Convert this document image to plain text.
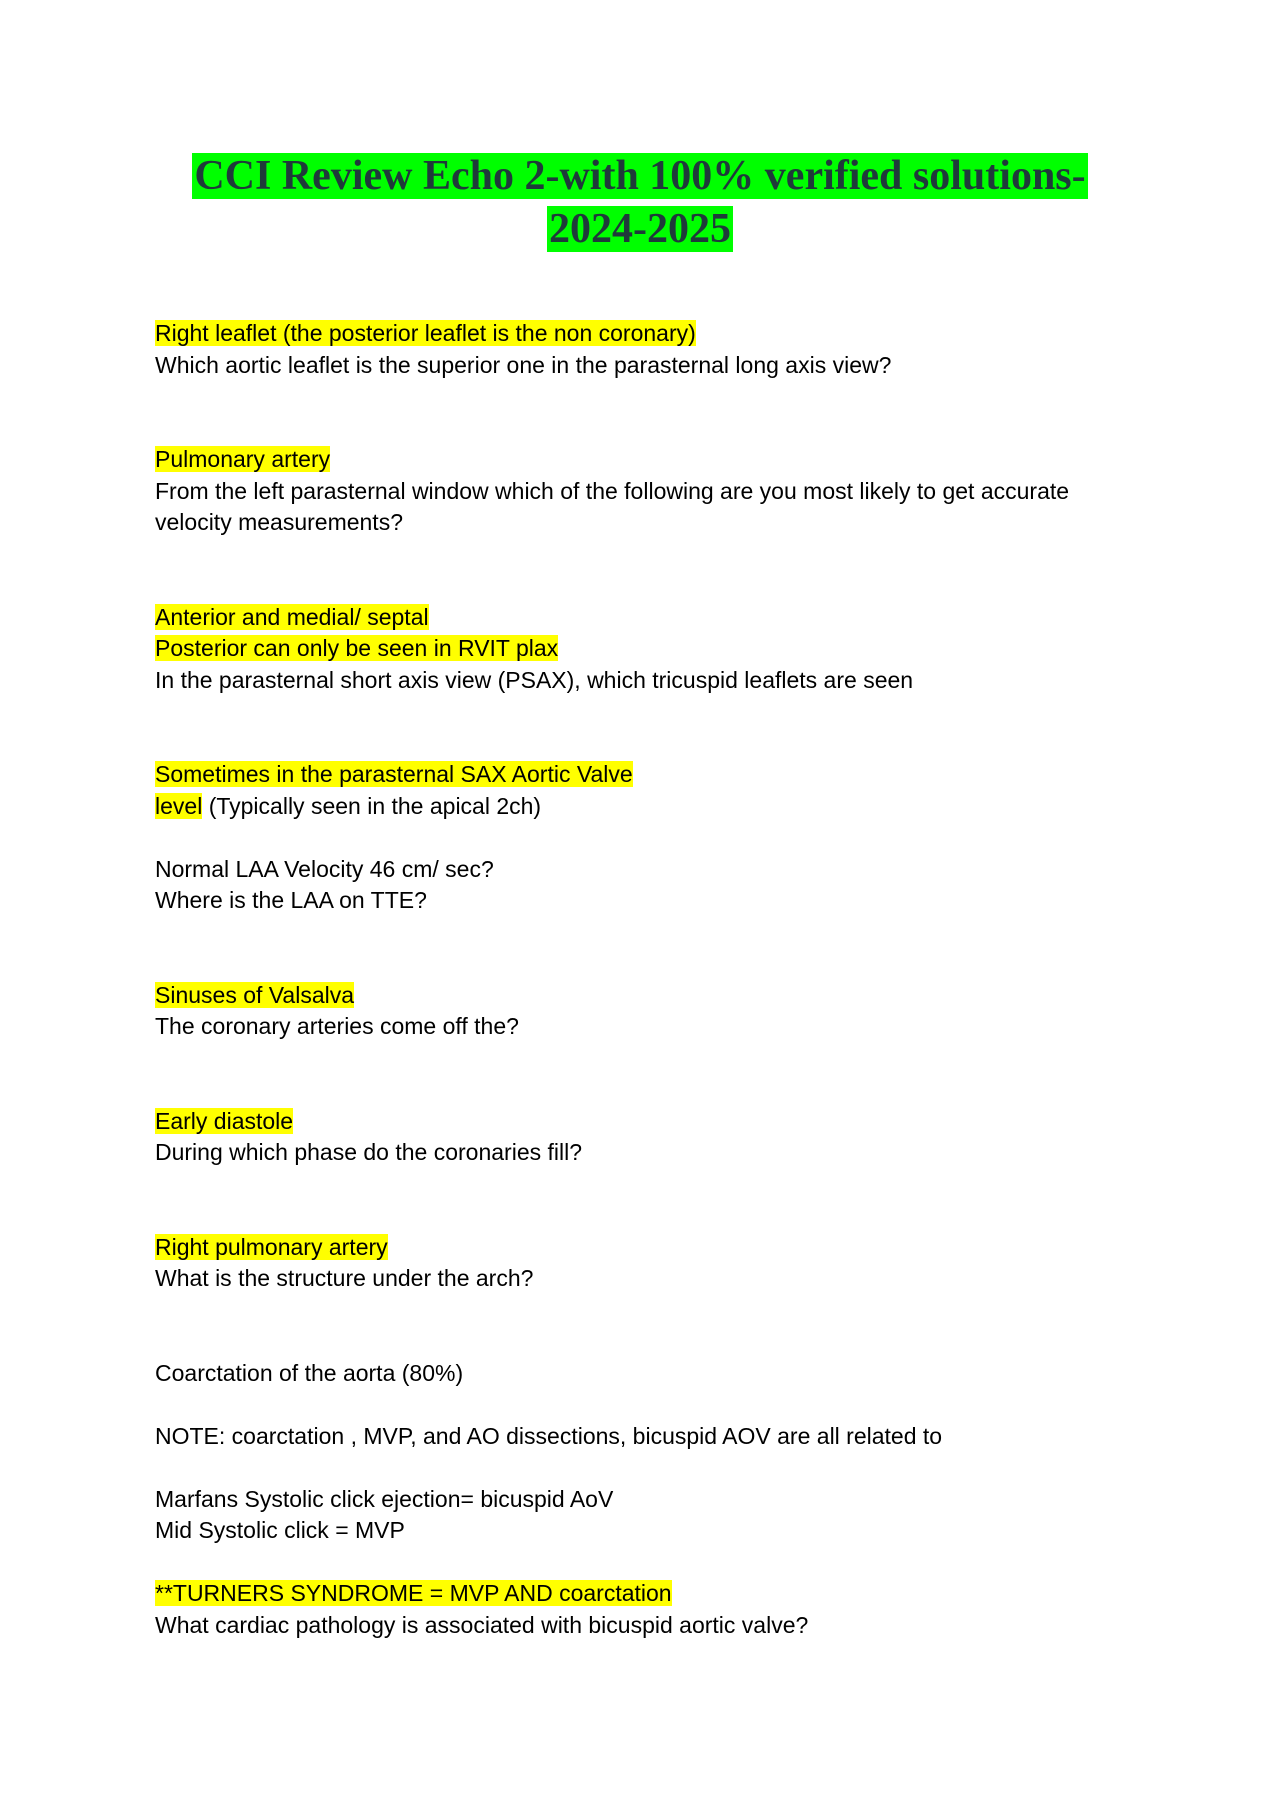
CCI Review Echo 2-with 100% verified solutions-
2024-2025
Right leaflet (the posterior leaflet is the non coronary)
Which aortic leaflet is the superior one in the parasternal long axis view?
Pulmonary artery
From the left parasternal window which of the following are you most likely to get accurate
velocity measurements?
Anterior and medial/ septal
Posterior can only be seen in RVIT plax
In the parasternal short axis view (PSAX), which tricuspid leaflets are seen
Sometimes in the parasternal SAX Aortic Valve
level (Typically seen in the apical 2ch)
Normal LAA Velocity 46 cm/ sec?
Where is the LAA on TTE?
Sinuses of Valsalva
The coronary arteries come off the?
Early diastole
During which phase do the coronaries fill?
Right pulmonary artery
What is the structure under the arch?
Coarctation of the aorta (80%)
NOTE: coarctation , MVP, and AO dissections, bicuspid AOV are all related to
Marfans Systolic click ejection= bicuspid AoV
Mid Systolic click = MVP
**TURNERS SYNDROME = MVP AND coarctation
What cardiac pathology is associated with bicuspid aortic valve?
